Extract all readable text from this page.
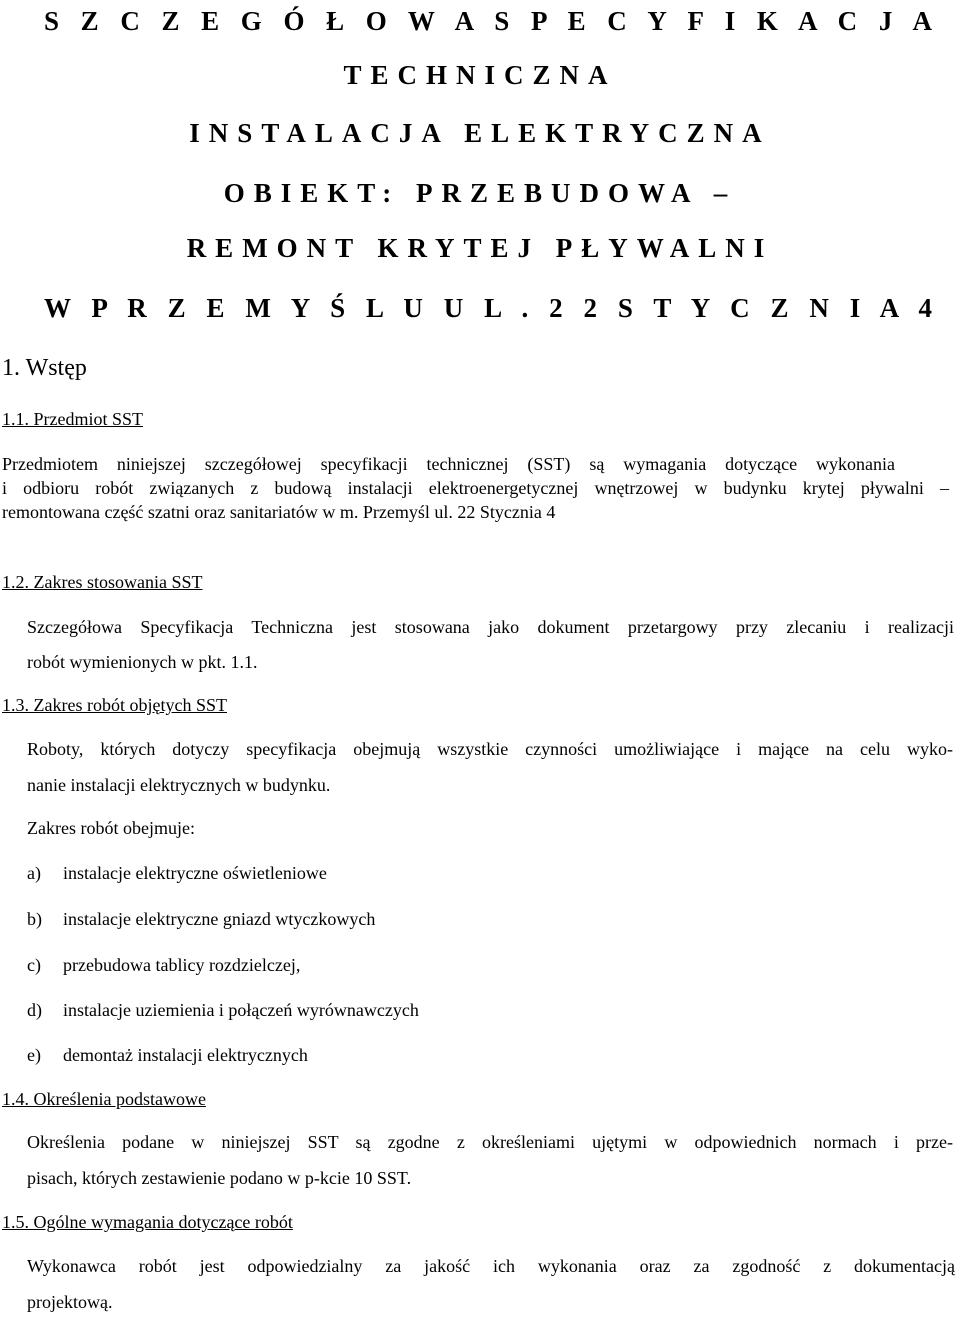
S Z C Z E G Ó Ł O W A S P E C Y F I K A C J A
TECHNICZNA
INSTALACJA ELEKTRYCZNA
OBIEKT: PRZEBUDOWA –
REMONT KRYTEJ PŁYWALNI
W P R Z E M Y Ś L U U L . 2 2 S T Y C Z N I A 4
1. Wstęp
1.1. Przedmiot SST
Przedmiotem niniejszej szczegółowej specyfikacji technicznej (SST) są wymagania dotyczące wykonania
i odbioru robót związanych z budową instalacji elektroenergetycznej wnętrzowej w budynku krytej pływalni –
remontowana część szatni oraz sanitariatów w m. Przemyśl ul. 22 Stycznia 4
1.2. Zakres stosowania SST
Szczegółowa Specyfikacja Techniczna jest stosowana jako dokument przetargowy przy zlecaniu i realizacji
robót wymienionych w pkt. 1.1.
1.3. Zakres robót objętych SST
Roboty, których dotyczy specyfikacja obejmują wszystkie czynności umożliwiające i mające na celu wyko-
nanie instalacji elektrycznych w budynku.
Zakres robót obejmuje:
a) instalacje elektryczne oświetleniowe
b) instalacje elektryczne gniazd wtyczkowych
c) przebudowa tablicy rozdzielczej,
d) instalacje uziemienia i połączeń wyrównawczych
e) demontaż instalacji elektrycznych
1.4. Określenia podstawowe
Określenia podane w niniejszej SST są zgodne z określeniami ujętymi w odpowiednich normach i prze-
pisach, których zestawienie podano w p-kcie 10 SST.
1.5. Ogólne wymagania dotyczące robót
Wykonawca robót jest odpowiedzialny za jakość ich wykonania oraz za zgodność z dokumentacją
projektową.
